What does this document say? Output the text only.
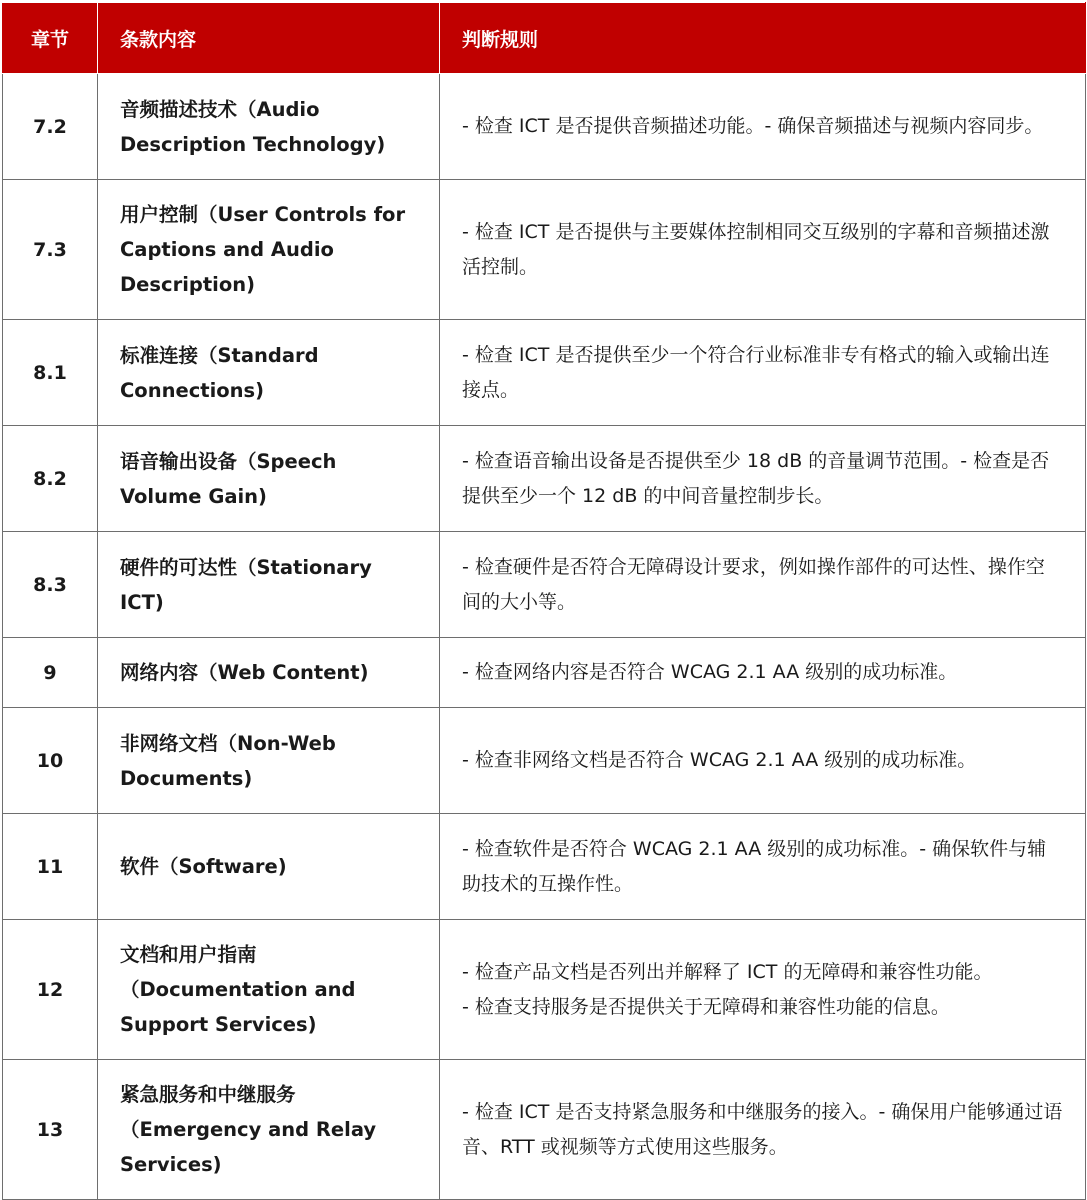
章节	条款内容	判断规则
7.2	音频描述技术（Audio Description Technology)	- 检查 ICT 是否提供音频描述功能。- 确保音频描述与视频内容同步。

7.3	用户控制（User Controls for Captions and Audio Description)	- 检查 ICT 是否提供与主要媒体控制相同交互级别的字幕和音频描述激活控制。

8.1	标准连接（Standard Connections)	- 检查 ICT 是否提供至少一个符合行业标准非专有格式的输入或输出连接点。

8.2	语音输出设备（Speech Volume Gain)	- 检查语音输出设备是否提供至少 18 dB 的音量调节范围。- 检查是否提供至少一个 12 dB 的中间音量控制步长。

8.3	硬件的可达性（Stationary ICT)	- 检查硬件是否符合无障碍设计要求，例如操作部件的可达性、操作空间的大小等。

9	网络内容（Web Content)	- 检查网络内容是否符合 WCAG 2.1 AA 级别的成功标准。

10	非网络文档（Non-Web Documents)	- 检查非网络文档是否符合 WCAG 2.1 AA 级别的成功标准。

11	软件（Software)	- 检查软件是否符合 WCAG 2.1 AA 级别的成功标准。- 确保软件与辅助技术的互操作性。

12	文档和用户指南（Documentation and Support Services)	- 检查产品文档是否列出并解释了 ICT 的无障碍和兼容性功能。
- 检查支持服务是否提供关于无障碍和兼容性功能的信息。

13	紧急服务和中继服务（Emergency and Relay Services)	- 检查 ICT 是否支持紧急服务和中继服务的接入。- 确保用户能够通过语音、RTT 或视频等方式使用这些服务。
